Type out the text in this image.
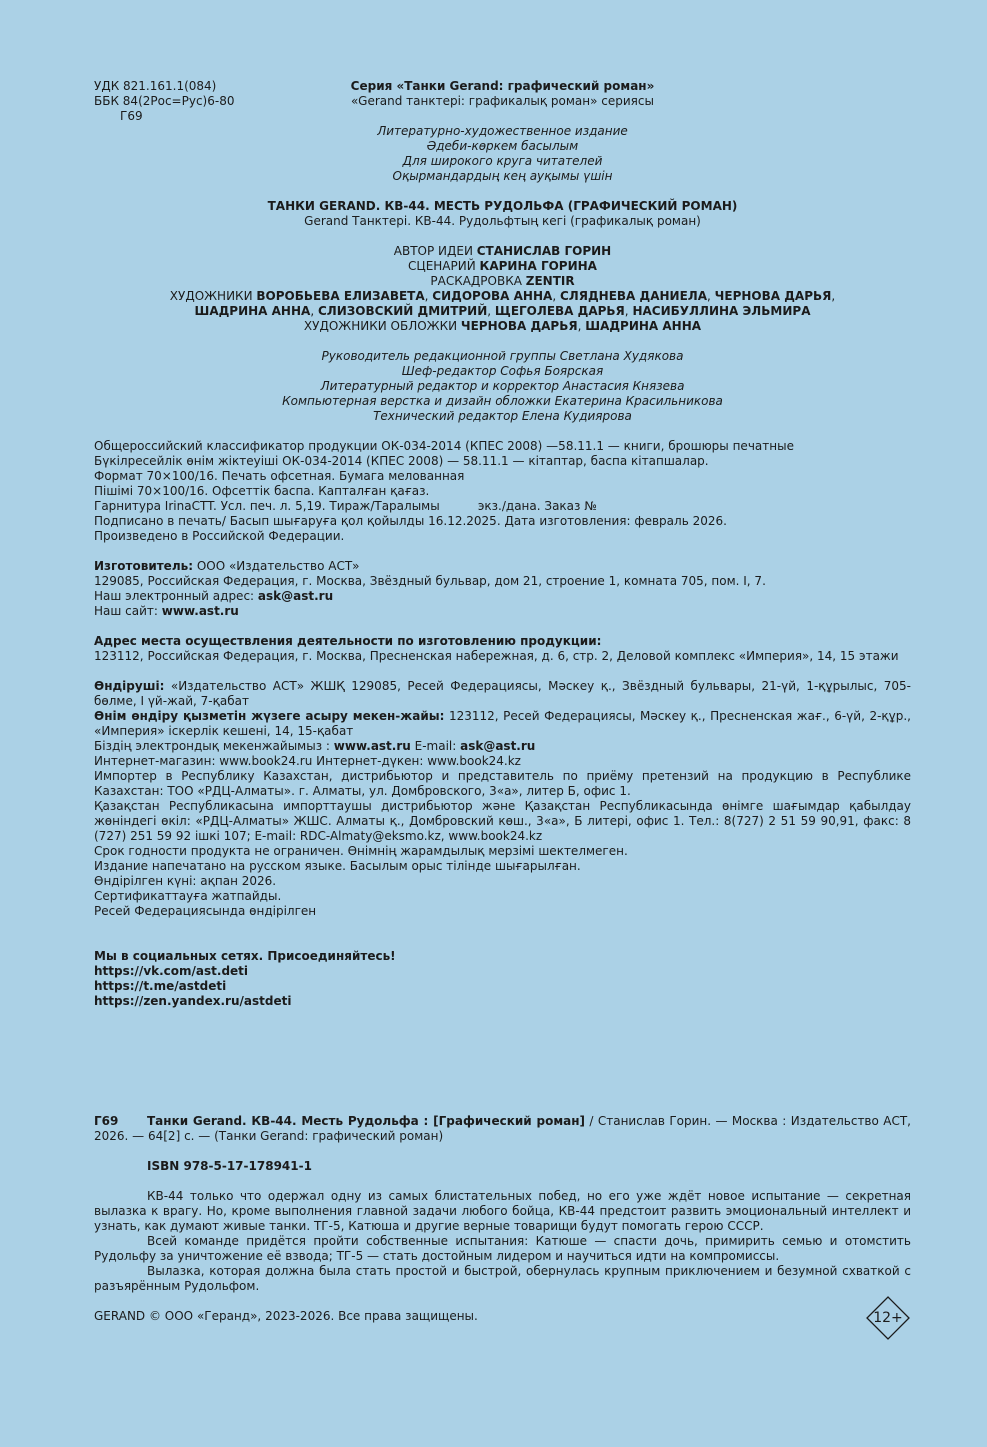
УДК 821.161.1(084)
ББК 84(2Рос=Рус)6-80
Г69
Серия «Танки Gerand: графический роман»
«Gerand танктері: графикалық роман» сериясы
Литературно-художественное издание
Әдеби-көркем басылым
Для широкого круга читателей
Оқырмандардың кең ауқымы үшін
ТАНКИ GERAND. КВ-44. МЕСТЬ РУДОЛЬФА (ГРАФИЧЕСКИЙ РОМАН)
Gerand Танктері. КВ-44. Рудольфтың кегі (графикалық роман)
АВТОР ИДЕИ СТАНИСЛАВ ГОРИН
СЦЕНАРИЙ КАРИНА ГОРИНА
РАСКАДРОВКА ZENTIR
ХУДОЖНИКИ ВОРОБЬЕВА ЕЛИЗАВЕТА, СИДОРОВА АННА, СЛЯДНЕВА ДАНИЕЛА, ЧЕРНОВА ДАРЬЯ,
ШАДРИНА АННА, СЛИЗОВСКИЙ ДМИТРИЙ, ЩЕГОЛЕВА ДАРЬЯ, НАСИБУЛЛИНА ЭЛЬМИРА
ХУДОЖНИКИ ОБЛОЖКИ ЧЕРНОВА ДАРЬЯ, ШАДРИНА АННА
Руководитель редакционной группы Светлана Худякова
Шеф-редактор Софья Боярская
Литературный редактор и корректор Анастасия Князева
Компьютерная верстка и дизайн обложки Екатерина Красильникова
Технический редактор Елена Кудиярова
Общероссийский классификатор продукции ОК-034-2014 (КПЕС 2008) —58.11.1 — книги, брошюры печатные
Бүкілресейлік өнім жіктеуіші ОК-034-2014 (КПЕС 2008) — 58.11.1 — кітаптар, баспа кітапшалар.
Формат 70×100/16. Печать офсетная. Бумага мелованная
Пішімі 70×100/16. Офсеттік баспа. Капталған қағаз.
Гарнитура IrinaCTT. Усл. печ. л. 5,19. Тираж/Таралымы          экз./дана. Заказ №
Подписано в печать/ Басып шығаруға қол қойылды 16.12.2025. Дата изготовления: февраль 2026.
Произведено в Российской Федерации.
Изготовитель: ООО «Издательство АСТ»
129085, Российская Федерация, г. Москва, Звёздный бульвар, дом 21, строение 1, комната 705, пом. I, 7.
Наш электронный адрес: ask@ast.ru
Наш сайт: www.ast.ru
Адрес места осуществления деятельности по изготовлению продукции:
123112, Российская Федерация, г. Москва, Пресненская набережная, д. 6, стр. 2, Деловой комплекс «Империя», 14, 15 этажи
Өндіруші: «Издательство АСТ» ЖШҚ 129085, Ресей Федерациясы, Мәскеу қ., Звёздный бульвары, 21-үй, 1-құрылыс, 705-бөлме, I үй-жай, 7-қабат
Өнім өндіру қызметін жүзеге асыру мекен-жайы: 123112, Ресей Федерациясы, Мәскеу қ., Пресненская жағ., 6-үй, 2-құр., «Империя» іскерлік кешені, 14, 15-қабат
Біздің электрондық мекенжайымыз : www.ast.ru E-mail: ask@ast.ru
Интернет-магазин: www.book24.ru Интернет-дүкен: www.book24.kz
Импортер в Республику Казахстан, дистрибьютор и представитель по приёму претензий на продукцию в Республике Казахстан: ТОО «РДЦ-Алматы». г. Алматы, ул. Домбровского, 3«а», литер Б, офис 1.
Қазақстан Республикасына импорттаушы дистрибьютор және Қазақстан Республикасында өнімге шағымдар қабылдау жөніндегі өкіл: «РДЦ-Алматы» ЖШС. Алматы қ., Домбровский көш., 3«а», Б литері, офис 1. Тел.: 8(727) 2 51 59 90,91, факс: 8 (727) 251 59 92 ішкі 107; E-mail: RDC-Almaty@eksmo.kz, www.book24.kz
Срок годности продукта не ограничен. Өнімнің жарамдылық мерзімі шектелмеген.
Издание напечатано на русском языке. Басылым орыс тілінде шығарылған.
Өндірілген күні: ақпан 2026.
Сертификаттауға жатпайды.
Ресей Федерациясында өндірілген
Мы в социальных сетях. Присоединяйтесь!
https://vk.com/ast.deti
https://t.me/astdeti
https://zen.yandex.ru/astdeti
Г69	Танки Gerand. КВ-44. Месть Рудольфа : [Графический роман] / Станислав Горин. — Москва : Издательство АСТ, 2026. — 64[2] с. — (Танки Gerand: графический роман)
ISBN 978-5-17-178941-1
КВ-44 только что одержал одну из самых блистательных побед, но его уже ждёт новое испытание — секретная вылазка к врагу. Но, кроме выполнения главной задачи любого бойца, КВ-44 предстоит развить эмоциональный интеллект и узнать, как думают живые танки. ТГ-5, Катюша и другие верные товарищи будут помогать герою СССР.
Всей команде придётся пройти собственные испытания: Катюше — спасти дочь, примирить семью и отомстить Рудольфу за уничтожение её взвода; ТГ-5 — стать достойным лидером и научиться идти на компромиссы.
Вылазка, которая должна была стать простой и быстрой, обернулась крупным приключением и безумной схваткой с разъярённым Рудольфом.
GERAND © ООО «Геранд», 2023-2026. Все права защищены.	12+
